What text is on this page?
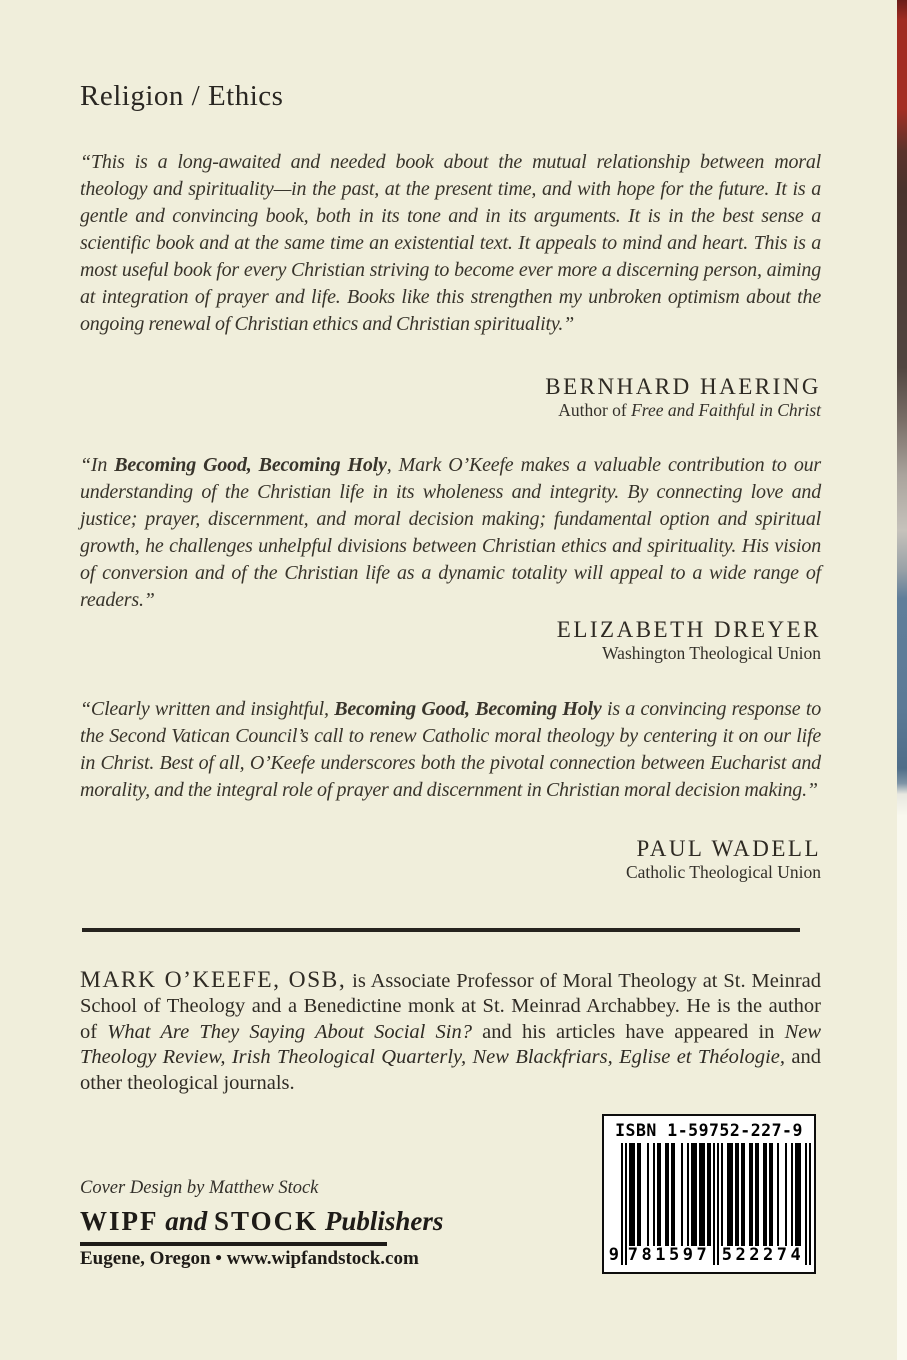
Religion / Ethics
“This is a long-awaited and needed book about the mutual relationship between moral theology and spirituality—in the past, at the present time, and with hope for the future. It is a gentle and convincing book, both in its tone and in its arguments. It is in the best sense a scientific book and at the same time an existential text. It appeals to mind and heart. This is a most useful book for every Christian striving to become ever more a discerning person, aiming at integration of prayer and life. Books like this strengthen my unbroken optimism about the ongoing renewal of Christian ethics and Christian spirituality.”
BERNHARD HAERING
Author of Free and Faithful in Christ
“In Becoming Good, Becoming Holy, Mark O’Keefe makes a valuable contribution to our understanding of the Christian life in its wholeness and integrity. By connecting love and justice; prayer, discernment, and moral decision making; fundamental option and spiritual growth, he challenges unhelpful divisions between Christian ethics and spirituality. His vision of conversion and of the Christian life as a dynamic totality will appeal to a wide range of readers.”
ELIZABETH DREYER
Washington Theological Union
“Clearly written and insightful, Becoming Good, Becoming Holy is a convincing response to the Second Vatican Council’s call to renew Catholic moral theology by centering it on our life in Christ. Best of all, O’Keefe underscores both the pivotal connection between Eucharist and morality, and the integral role of prayer and discernment in Christian moral decision making.”
PAUL WADELL
Catholic Theological Union
MARK O’KEEFE, OSB, is Associate Professor of Moral Theology at St. Meinrad School of Theology and a Benedictine monk at St. Meinrad Archabbey. He is the author of What Are They Saying About Social Sin? and his articles have appeared in New Theology Review, Irish Theological Quarterly, New Blackfriars, Eglise et Théologie, and other theological journals.
ISBN 1-59752-227-9
9 781597 522274
Cover Design by Matthew Stock
WIPF and STOCK Publishers
Eugene, Oregon • www.wipfandstock.com
